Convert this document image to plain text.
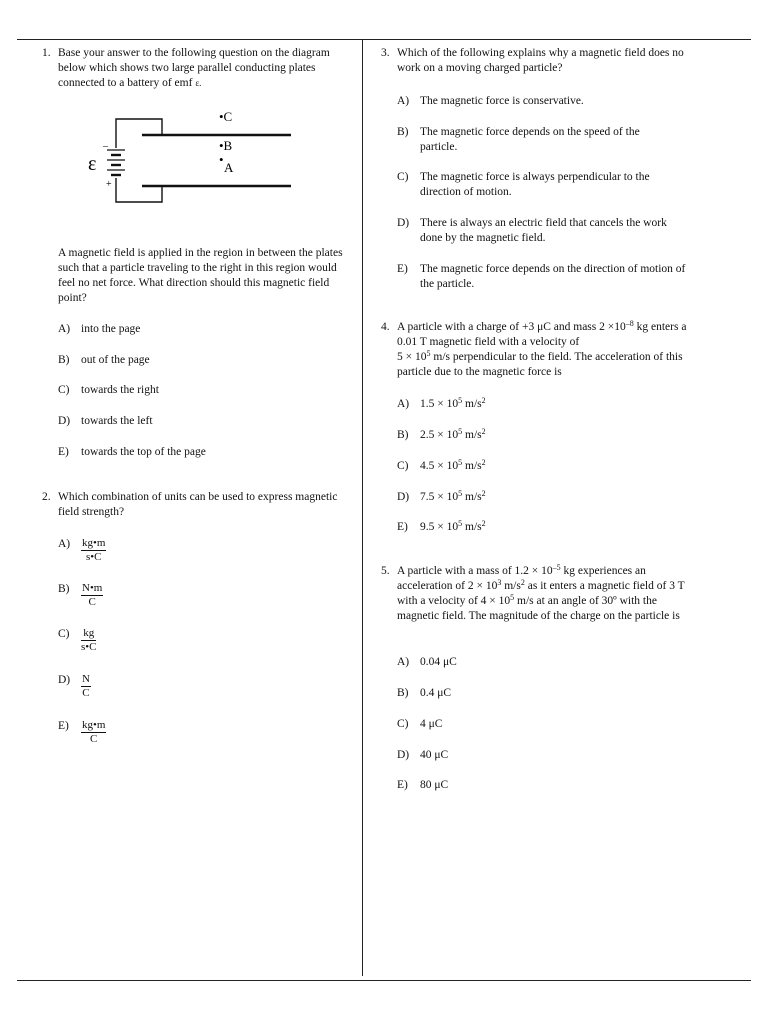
1. Base your answer to the following question on the diagram below which shows two large parallel conducting plates connected to a battery of emf ε.
–
+
ε
•C
•B
•
A
A magnetic field is applied in the region in between the plates such that a particle traveling to the right in this region would feel no net force. What direction should this magnetic field point?
A) into the page
B) out of the page
C) towards the right
D) towards the left
E) towards the top of the page
2. Which combination of units can be used to express magnetic field strength?
$A) \frac{kg•m}{s•C}$
$B) \frac{N•m}{C}$
$C) \frac{kg}{s•C}$
$D) \frac{N}{C}$
$E) \frac{kg•m}{C}$
3. Which of the following explains why a magnetic field does no work on a moving charged particle?
A) The magnetic force is conservative.
B) The magnetic force depends on the speed of the particle.
C) The magnetic force is always perpendicular to the direction of motion.
D) There is always an electric field that cancels the work done by the magnetic field.
E) The magnetic force depends on the direction of motion of the particle.
4. A particle with a charge of +3 μC and mass $2 \times 10^{-8}$ kg enters a 0.01 T magnetic field with a velocity of
$5 \times 10^5$ m/s perpendicular to the field. The acceleration of this particle due to the magnetic force is
A) $1.5 \times 10^5$ $m/s^2$
B) $2.5 \times 10^5$ $m/s^2$
C) $4.5 \times 10^5$ $m/s^2$
D) $7.5 \times 10^5$ $m/s^2$
E) $9.5 \times 10^5$ $m/s^2$
5. A particle with a mass of $1.2 \times 10^{-5}$ kg experiences an acceleration of $2 \times 10^3$ $m/s^2$ as it enters a magnetic field of 3 T with a velocity of $4 \times 10^5$ m/s at an angle of 30º with the magnetic field. The magnitude of the charge on the particle is
A) 0.04 μC
B) 0.4 μC
C) 4 μC
D) 40 μC
E) 80 μC
